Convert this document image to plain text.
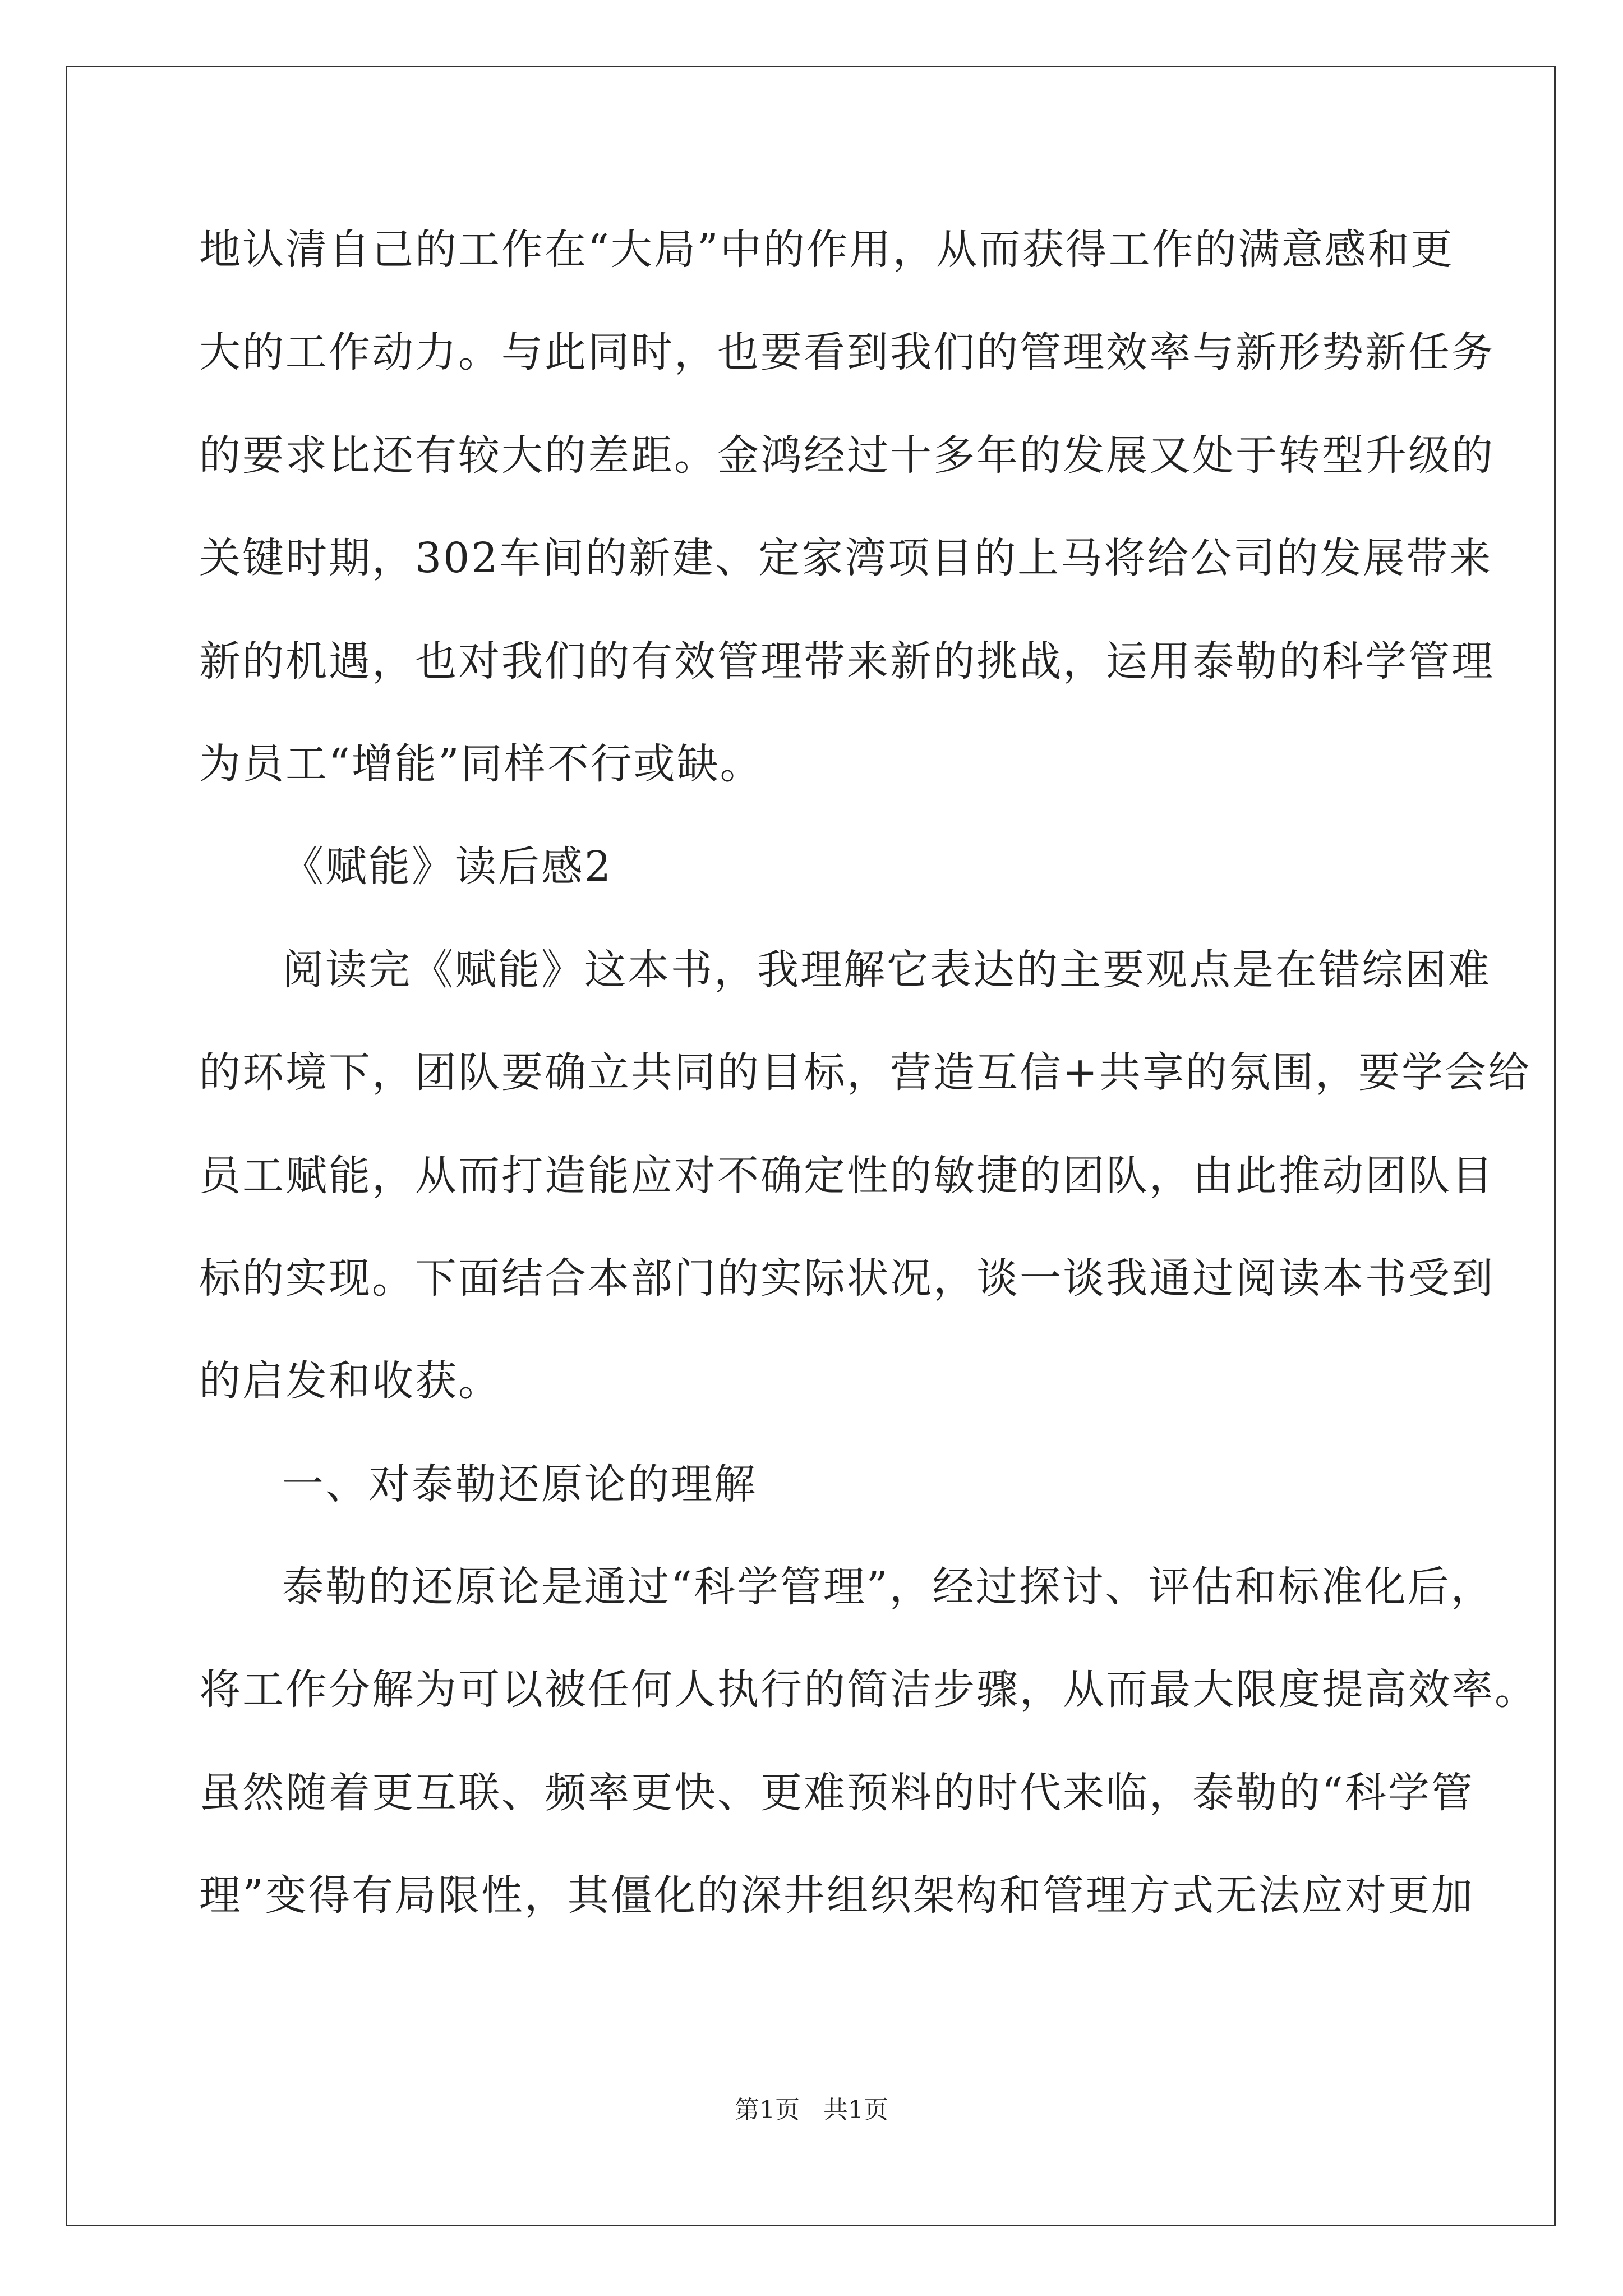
地认清自己的工作在“大局”中的作用，从而获得工作的满意感和更
大的工作动力。与此同时，也要看到我们的管理效率与新形势新任务
的要求比还有较大的差距。金鸿经过十多年的发展又处于转型升级的
关键时期，302车间的新建、定家湾项目的上马将给公司的发展带来
新的机遇，也对我们的有效管理带来新的挑战，运用泰勒的科学管理
为员工“增能”同样不行或缺。
《赋能》读后感2
阅读完《赋能》这本书，我理解它表达的主要观点是在错综困难
的环境下，团队要确立共同的目标，营造互信+共享的氛围，要学会给
员工赋能，从而打造能应对不确定性的敏捷的团队，由此推动团队目
标的实现。下面结合本部门的实际状况，谈一谈我通过阅读本书受到
的启发和收获。
一、对泰勒还原论的理解
泰勒的还原论是通过“科学管理”，经过探讨、评估和标准化后，
将工作分解为可以被任何人执行的简洁步骤，从而最大限度提高效率。
虽然随着更互联、频率更快、更难预料的时代来临，泰勒的“科学管
理”变得有局限性，其僵化的深井组织架构和管理方式无法应对更加
第1页   共1页
